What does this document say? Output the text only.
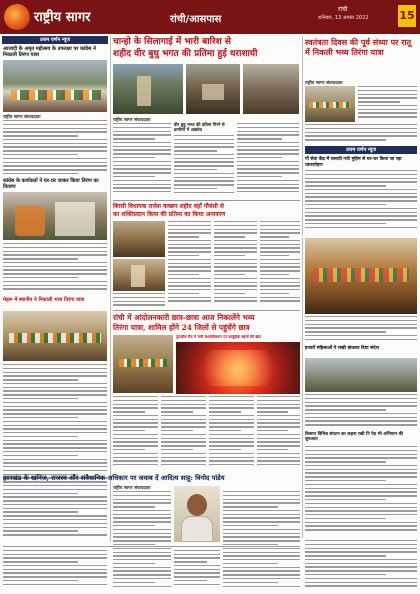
राष्ट्रीय सागर	रांची/आसपास
रांची
शनिवार, 13 अगस्त 2022	15
उत्तम वर्णन न्यूज
आजादी के अमृत महोत्सव के उपलक्ष्य पर कांग्रेस ने निकाली तिरंगा यात्रा
राष्ट्रीय सागर संवाददाता
कांग्रेस के कार्यकर्ता ने घर-घर जाकर किया तिरंगा का वितरण
मेहरू में स्थानीय ने निकाली भव्य तिरंगा यात्रा
चान्हो के सिलागाई में भारी बारिश से
शहीद वीर बुधु भगत की प्रतिमा हुई धराशायी
राष्ट्रीय सागर संवाददाता
वीर बुधु भगत की प्रतिमा गिरने से ग्रामीणों में आक्रोश
स्वतंत्रता दिवस की पूर्व संध्या पर रातू में निकली भव्य तिरंगा यात्रा
राष्ट्रीय सागर संवाददाता
उत्तम वर्णन न्यूज
गौ सेवा केंद्र में चलायी गयी मुहिम से घर-घर किया जा रहा ध्वजारोहण
बिरसी विधायक राजेश कच्छप शहीद वहाँ गौवंशी से
का शक्तिप्रदान किया की प्रतिमा का किया अनावरण
हजारों महिलाओं ने राखी बांधकर दिया संदेश
किसान विभिन्न संघटन का कहना रखी नि पेड़ भी अभियान की शुरुआत
रांची में आंदोलनकारी छात्र-छात्रा आज निकालेंगे भव्य
तिरंगा यात्रा, शामिल होंगे 24 जिलों से पहुंचेंगे छात्र
फुटबॉल मैच में नारी सशक्तिकरण पर सामूहिक बहनों की खेल
झारखंड के खनिज, राजस्व और संवैधानिक अधिकार पर जवाब दें आदित्य साहू: विनोद पांडेय
राष्ट्रीय सागर संवाददाता
